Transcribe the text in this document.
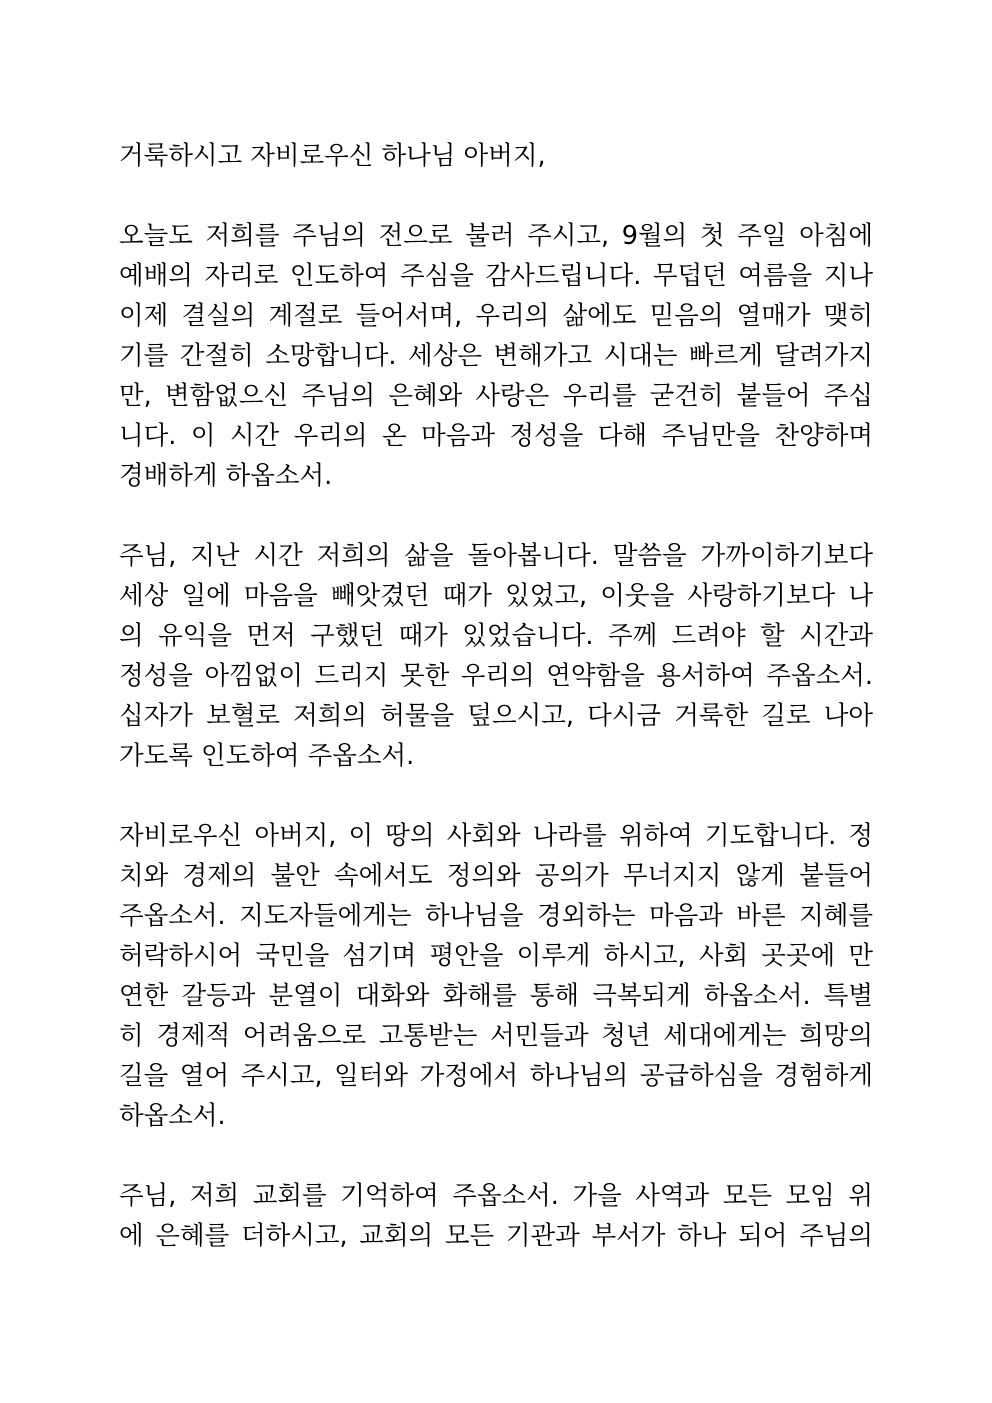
거룩하시고 자비로우신 하나님 아버지,

오늘도 저희를 주님의 전으로 불러 주시고, 9월의 첫 주일 아침에
예배의 자리로 인도하여 주심을 감사드립니다. 무덥던 여름을 지나
이제 결실의 계절로 들어서며, 우리의 삶에도 믿음의 열매가 맺히
기를 간절히 소망합니다. 세상은 변해가고 시대는 빠르게 달려가지
만, 변함없으신 주님의 은혜와 사랑은 우리를 굳건히 붙들어 주십
니다. 이 시간 우리의 온 마음과 정성을 다해 주님만을 찬양하며
경배하게 하옵소서.

주님, 지난 시간 저희의 삶을 돌아봅니다. 말씀을 가까이하기보다
세상 일에 마음을 빼앗겼던 때가 있었고, 이웃을 사랑하기보다 나
의 유익을 먼저 구했던 때가 있었습니다. 주께 드려야 할 시간과
정성을 아낌없이 드리지 못한 우리의 연약함을 용서하여 주옵소서.
십자가 보혈로 저희의 허물을 덮으시고, 다시금 거룩한 길로 나아
가도록 인도하여 주옵소서.

자비로우신 아버지, 이 땅의 사회와 나라를 위하여 기도합니다. 정
치와 경제의 불안 속에서도 정의와 공의가 무너지지 않게 붙들어
주옵소서. 지도자들에게는 하나님을 경외하는 마음과 바른 지혜를
허락하시어 국민을 섬기며 평안을 이루게 하시고, 사회 곳곳에 만
연한 갈등과 분열이 대화와 화해를 통해 극복되게 하옵소서. 특별
히 경제적 어려움으로 고통받는 서민들과 청년 세대에게는 희망의
길을 열어 주시고, 일터와 가정에서 하나님의 공급하심을 경험하게
하옵소서.

주님, 저희 교회를 기억하여 주옵소서. 가을 사역과 모든 모임 위
에 은혜를 더하시고, 교회의 모든 기관과 부서가 하나 되어 주님의
